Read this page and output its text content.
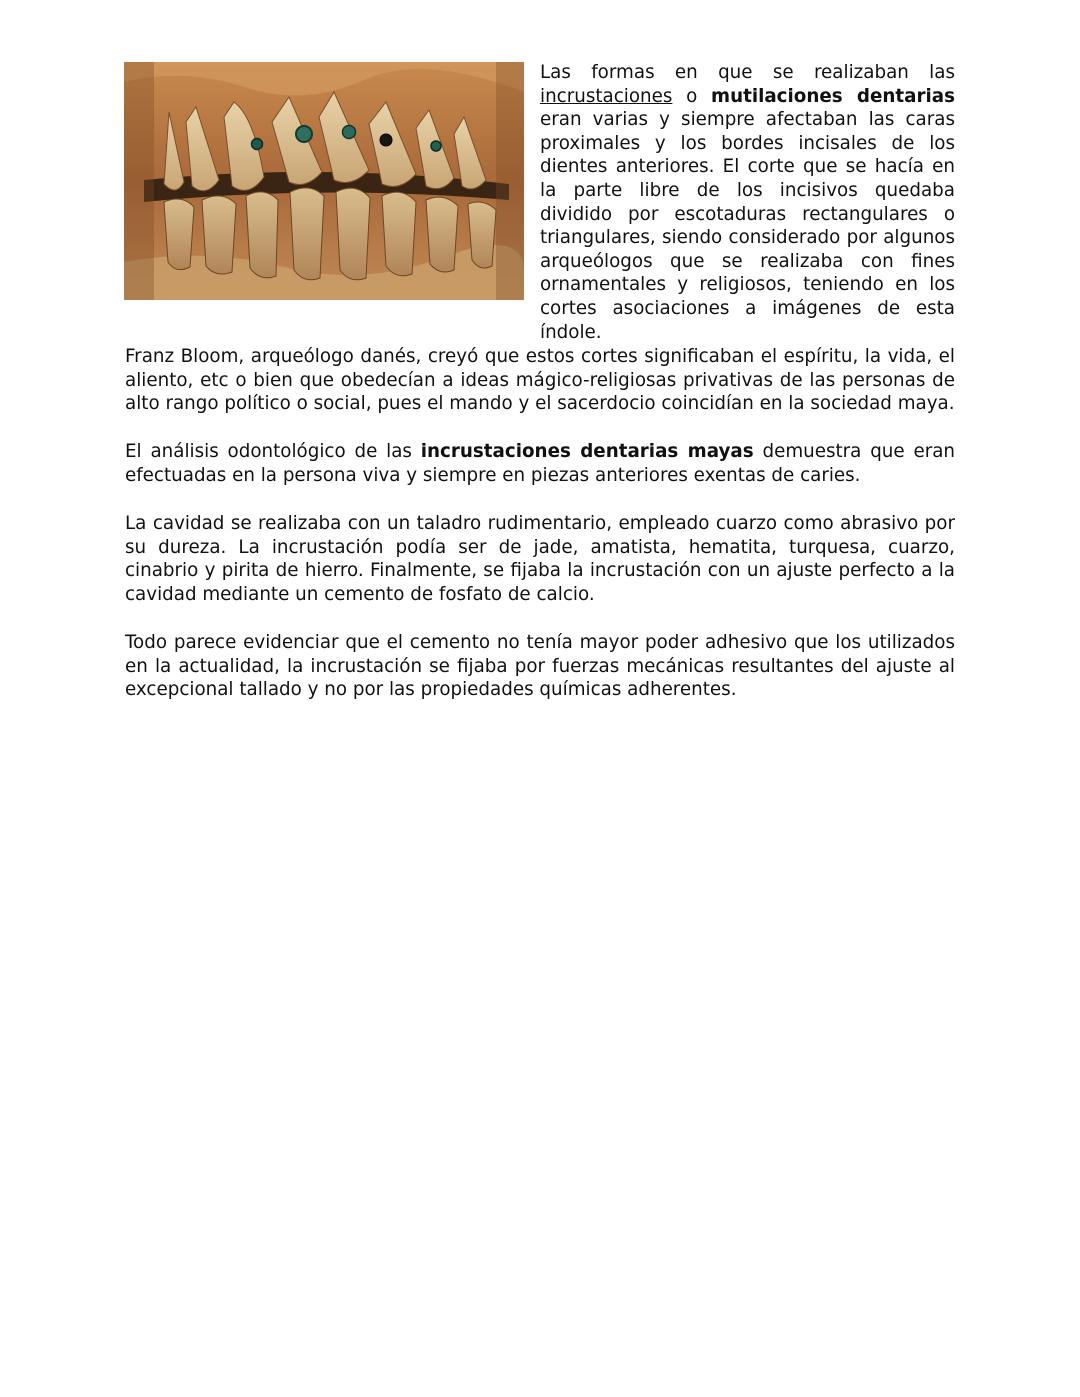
Las formas en que se realizaban las incrustaciones o mutilaciones dentarias eran varias y siempre afectaban las caras proximales y los bordes incisales de los dientes anteriores. El corte que se hacía en la parte libre de los incisivos quedaba dividido por escotaduras rectangulares o triangulares, siendo considerado por algunos arqueólogos que se realizaba con fines ornamentales y religiosos, teniendo en los cortes asociaciones a imágenes de esta índole.
Franz Bloom, arqueólogo danés, creyó que estos cortes significaban el espíritu, la vida, el aliento, etc o bien que obedecían a ideas mágico-religiosas privativas de las personas de alto rango político o social, pues el mando y el sacerdocio coincidían en la sociedad maya.
El análisis odontológico de las incrustaciones dentarias mayas demuestra que eran efectuadas en la persona viva y siempre en piezas anteriores exentas de caries.
La cavidad se realizaba con un taladro rudimentario, empleado cuarzo como abrasivo por su dureza. La incrustación podía ser de jade, amatista, hematita, turquesa, cuarzo, cinabrio y pirita de hierro. Finalmente, se fijaba la incrustación con un ajuste perfecto a la cavidad mediante un cemento de fosfato de calcio.
Todo parece evidenciar que el cemento no tenía mayor poder adhesivo que los utilizados en la actualidad, la incrustación se fijaba por fuerzas mecánicas resultantes del ajuste al excepcional tallado y no por las propiedades químicas adherentes.
